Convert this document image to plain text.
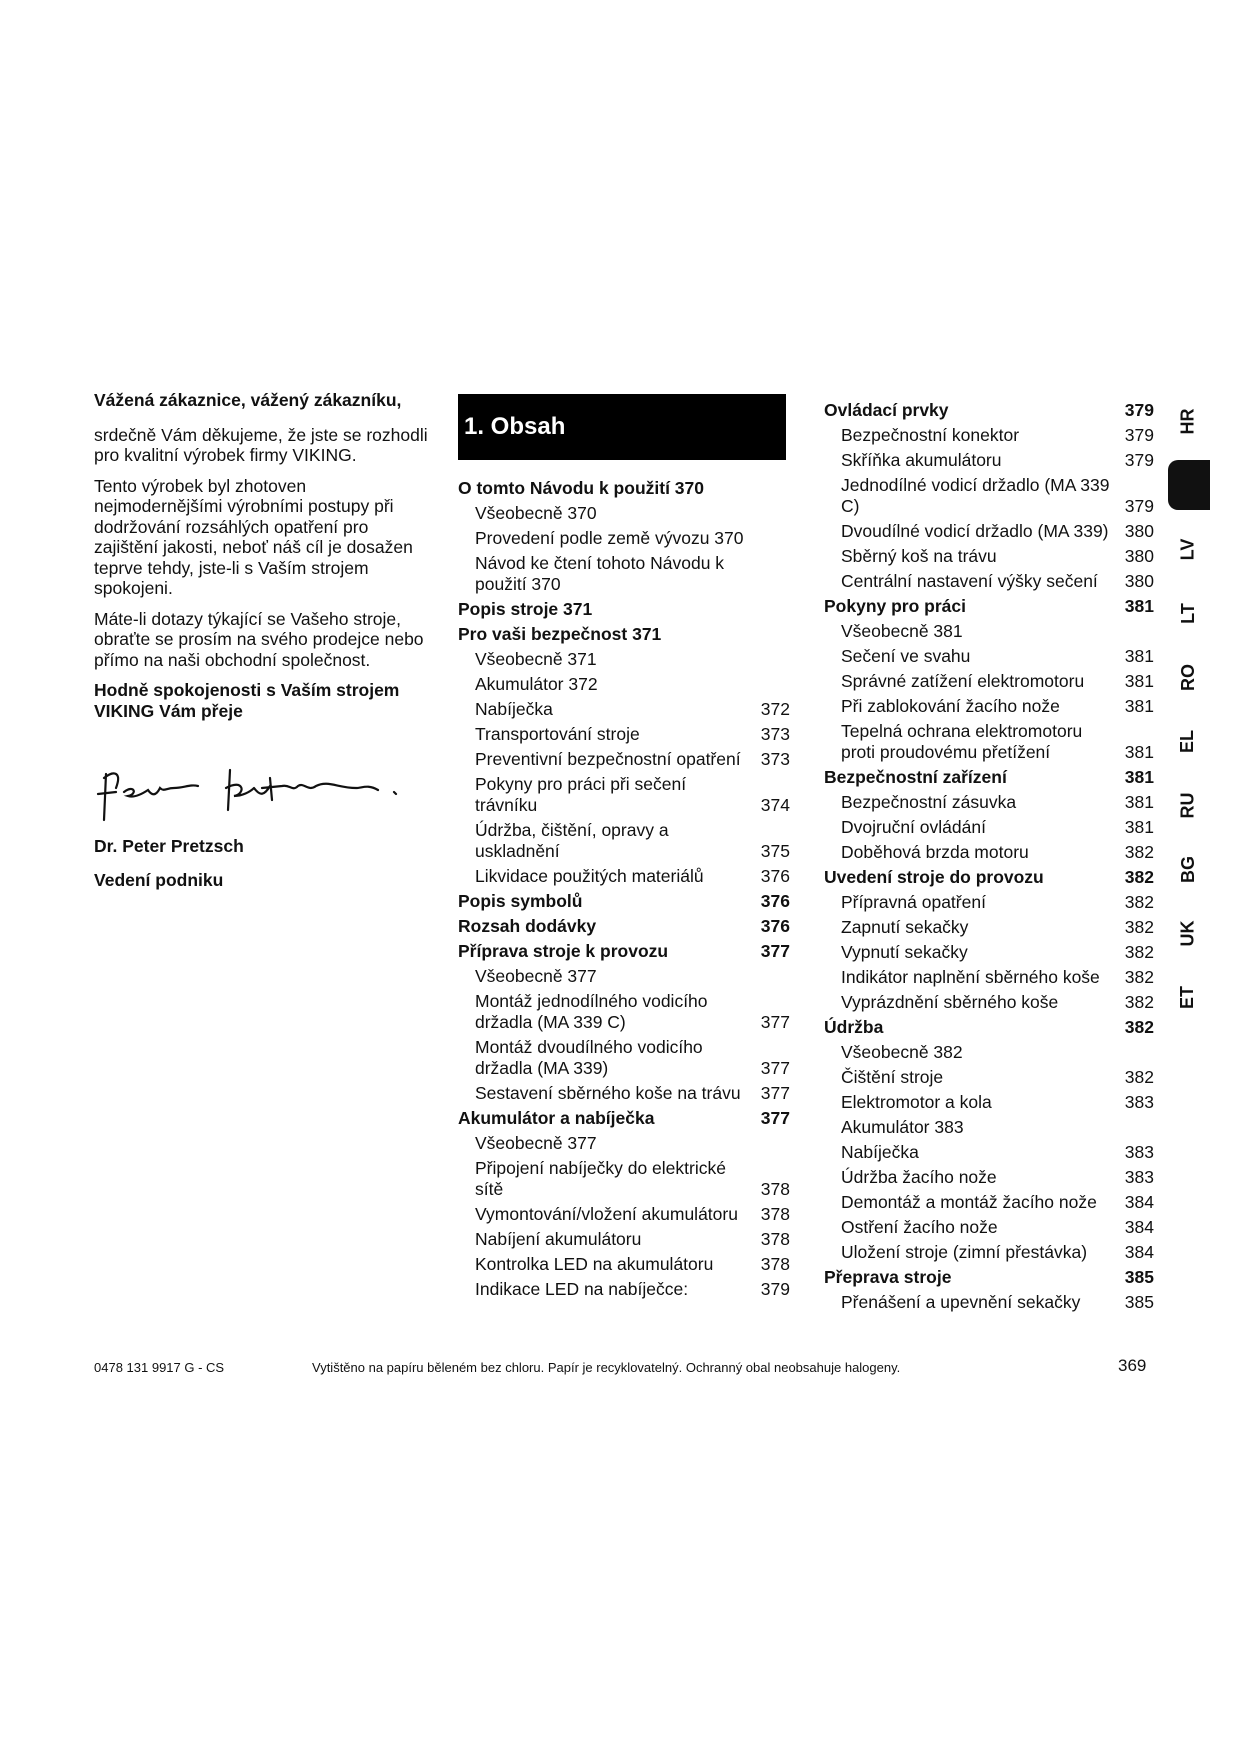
Vážená zákaznice, vážený zákazníku,

srdečně Vám děkujeme, že jste se rozhodli pro kvalitní výrobek firmy VIKING.

Tento výrobek byl zhotoven nejmodernějšími výrobními postupy při dodržování rozsáhlých opatření pro zajištění jakosti, neboť náš cíl je dosažen teprve tehdy, jste-li s Vaším strojem spokojeni.

Máte-li dotazy týkající se Vašeho stroje, obraťte se prosím na svého prodejce nebo přímo na naši obchodní společnost.

Hodně spokojenosti s Vaším strojem VIKING Vám přeje
Dr. Peter Pretzsch
Vedení podniku
1. Obsah
O tomto Návodu k použití 370
Všeobecně 370
Provedení podle země vývozu 370
Návod ke čtení tohoto Návodu k použití 370
Popis stroje 371
Pro vaši bezpečnost 371
Všeobecně 371
Akumulátor 372
Nabíječka	372
Transportování stroje	373
Preventivní bezpečnostní opatření	373
Pokyny pro práci při sečení trávníku	374
Údržba, čištění, opravy a uskladnění	375
Likvidace použitých materiálů	376
Popis symbolů	376
Rozsah dodávky	376
Příprava stroje k provozu	377
Všeobecně 377
Montáž jednodílného vodicího držadla (MA 339 C)	377
Montáž dvoudílného vodicího držadla (MA 339)	377
Sestavení sběrného koše na trávu	377
Akumulátor a nabíječka	377
Všeobecně 377
Připojení nabíječky do elektrické sítě	378
Vymontování/vložení akumulátoru	378
Nabíjení akumulátoru	378
Kontrolka LED na akumulátoru	378
Indikace LED na nabíječce:	379
Ovládací prvky	379
Bezpečnostní konektor	379
Skříňka akumulátoru	379
Jednodílné vodicí držadlo (MA 339 C)	379
Dvoudílné vodicí držadlo (MA 339) 380
Sběrný koš na trávu	380
Centrální nastavení výšky sečení	380
Pokyny pro práci	381
Všeobecně 381
Sečení ve svahu	381
Správné zatížení elektromotoru	381
Při zablokování žacího nože	381
Tepelná ochrana elektromotoru proti proudovému přetížení	381
Bezpečnostní zařízení	381
Bezpečnostní zásuvka	381
Dvojruční ovládání	381
Doběhová brzda motoru	382
Uvedení stroje do provozu	382
Přípravná opatření	382
Zapnutí sekačky	382
Vypnutí sekačky	382
Indikátor naplnění sběrného koše	382
Vyprázdnění sběrného koše	382
Údržba	382
Všeobecně 382
Čištění stroje	382
Elektromotor a kola	383
Akumulátor 383
Nabíječka	383
Údržba žacího nože	383
Demontáž a montáž žacího nože	384
Ostření žacího nože	384
Uložení stroje (zimní přestávka)	384
Přeprava stroje	385
Přenášení a upevnění sekačky	385
HR
LV
LT
RO
EL
RU
BG
UK
ET
0478 131 9917 G - CS	Vytištěno na papíru běleném bez chloru. Papír je recyklovatelný. Ochranný obal neobsahuje halogeny.	369
